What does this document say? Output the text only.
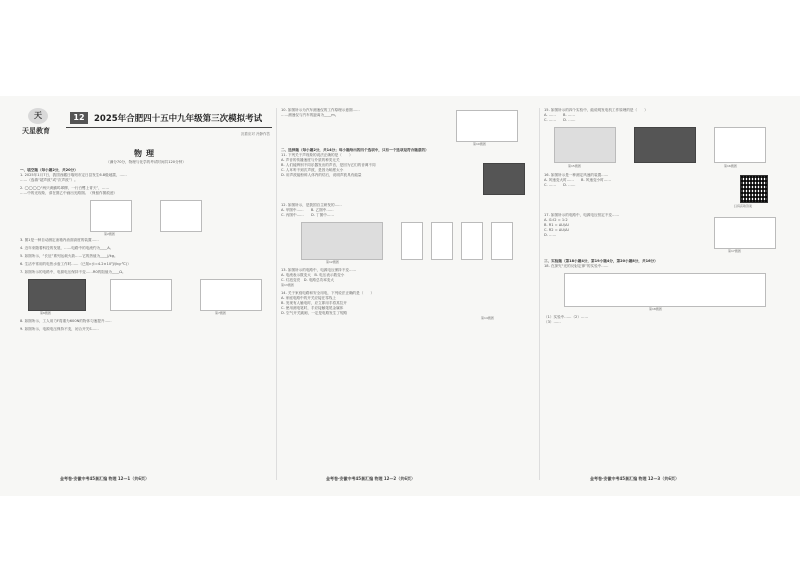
天
天星教育
12	2025年合肥四十五中九年级第三次模拟考试
沉着应对 冷静作答
物理
（满分70分，物理与化学的考试时间共120分钟）
一、填空题（每小题2分，共20分）
1. 2025年1月7日，我国西藏日喀则市定日县发生6.8级地震，……
……（选填“超声波”或“次声波”）。
2. ◯◯◯◯“两只黄鹂鸣翠柳，一行白鹭上青天”，……
……中的光现象，请在图乙中画出光路图。（保留作图痕迹）
第2题图
3. 图1是一种自动测定油箱内油面高度的装置……
4. 近年来随着科技的发展，……电路中的电流约为____A。
5. 如图所示，“长征”系列运载火箭……它的热值为____J/kg。
6. 生活中常用的电热水壶工作时……（已知c水=4.2×10³J/(kg·℃)）
7. 如图所示的电路中，电源电压保持不变……R0的阻值为____Ω。
第6题图	第7题图
8. 如图所示，工人用力F将重为600N的物体匀速提升……
9. 如图所示，电源电压保持不变，闭合开关S……
金考卷·安徽中考45套汇编 物理 12—1（共6页）
10. 如图所示为汽车测速仪的工作原理示意图……
……测速仪与汽车的距离为____m。
第10题图
二、选择题（每小题2分，共14分；每小题给出的四个选项中，只有一个选项是符合题意的）
11. 下列关于声现象的说法正确的是（　　）
A. 声音的传播速度与介质的种类无关
B. 人们能辨别不同乐器发出的声音，是因为它们的音调不同
C. 人耳听不到次声波，是因为响度太小
D. 用声波能粉碎人体内的结石，说明声波具有能量
12. 如图所示，是我国自主研发的……
A. 甲图中……　　B. 乙图中……
C. 丙图中……　　D. 丁图中……
第12题图
13. 如图所示的电路中，电源电压保持不变……
A. 电流表示数变大　B. 电压表示数变小
C. 灯泡变亮　D. 电路总功率变大
第13题图
14. 关于家庭电路和安全用电，下列说法正确的是（　　）
A. 家庭电路中的开关应接在零线上
B. 发现有人触电时，应立即用手将其拉开
C. 使用测电笔时，手应接触笔尾金属体
D. 空气开关跳闸，一定是电路发生了短路
第14题图
金考卷·安徽中考45套汇编 物理 12—2（共6页）
15. 如图所示的四个实验中，能说明发电机工作原理的是（　　）
A. ……　　B. ……
C. ……　　D. ……
第15题图	第16题图
16. 如图所示是一种测定风速的装置……
A. 风速变大时……　　B. 风速变小时……
C. ……　　D. ……
扫码获取答案
17. 如图所示的电路中，电源电压恒定不变……
A. I1:I2 = 1:2
B. R1 = ΔU/ΔI
C. R2 = ΔU/ΔI
D. ……
第17题图
三、实验题（第18小题4分，第19小题4分，第20小题8分，共16分）
18. 在探究“光的反射定律”的实验中……
第18题图
（1）实验中……（2）……
（3）……
金考卷·安徽中考45套汇编 物理 12—3（共6页）
